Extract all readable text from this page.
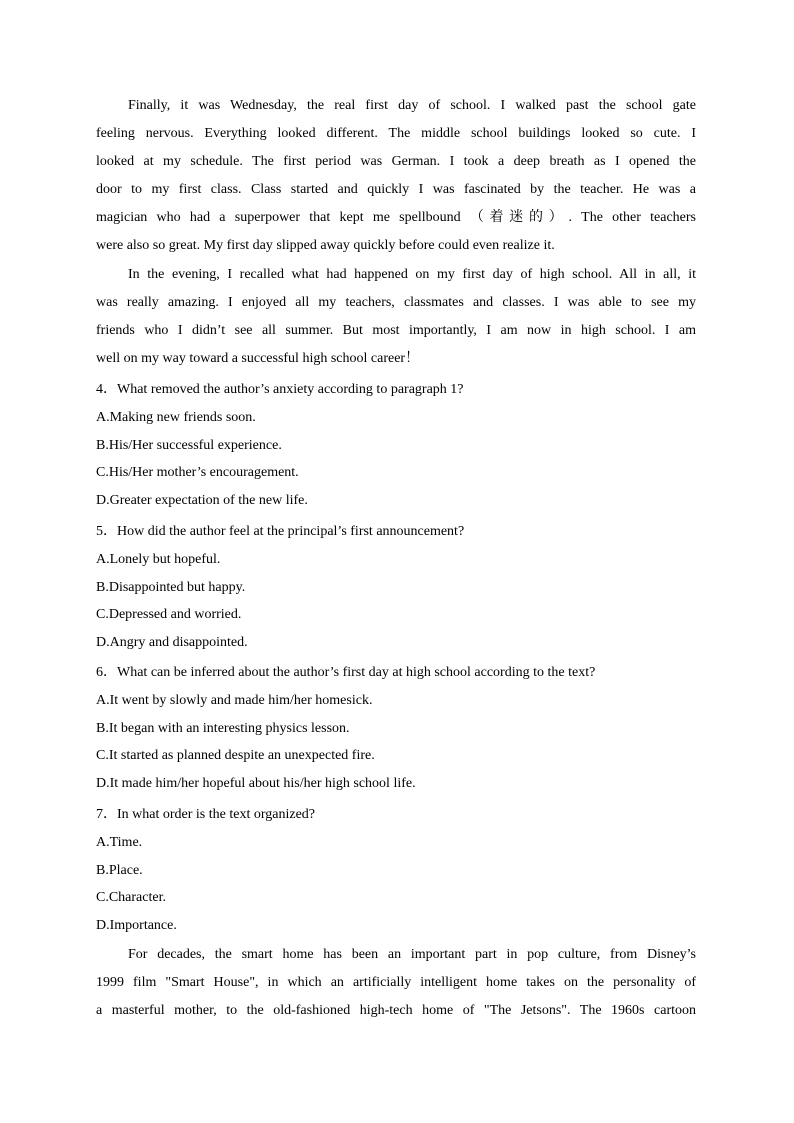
Finally, it was Wednesday, the real first day of school. I walked past the school gate
feeling nervous. Everything looked different. The middle school buildings looked so cute. I
looked at my schedule. The first period was German. I took a deep breath as I opened the
door to my first class. Class started and quickly I was fascinated by the teacher. He was a
magician who had a superpower that kept me spellbound （着迷的）. The other teachers
were also so great. My first day slipped away quickly before could even realize it.
In the evening, I recalled what had happened on my first day of high school. All in all, it
was really amazing. I enjoyed all my teachers, classmates and classes. I was able to see my
friends who I didn’t see all summer. But most importantly, I am now in high school. I am
well on my way toward a successful high school career！
4．What removed the author’s anxiety according to paragraph 1?
A.Making new friends soon.
B.His/Her successful experience.
C.His/Her mother’s encouragement.
D.Greater expectation of the new life.
5．How did the author feel at the principal’s first announcement?
A.Lonely but hopeful.
B.Disappointed but happy.
C.Depressed and worried.
D.Angry and disappointed.
6．What can be inferred about the author’s first day at high school according to the text?
A.It went by slowly and made him/her homesick.
B.It began with an interesting physics lesson.
C.It started as planned despite an unexpected fire.
D.It made him/her hopeful about his/her high school life.
7．In what order is the text organized?
A.Time.
B.Place.
C.Character.
D.Importance.
For decades, the smart home has been an important part in pop culture, from Disney’s
1999 film "Smart House", in which an artificially intelligent home takes on the personality of
a masterful mother, to the old-fashioned high-tech home of "The Jetsons". The 1960s cartoon
